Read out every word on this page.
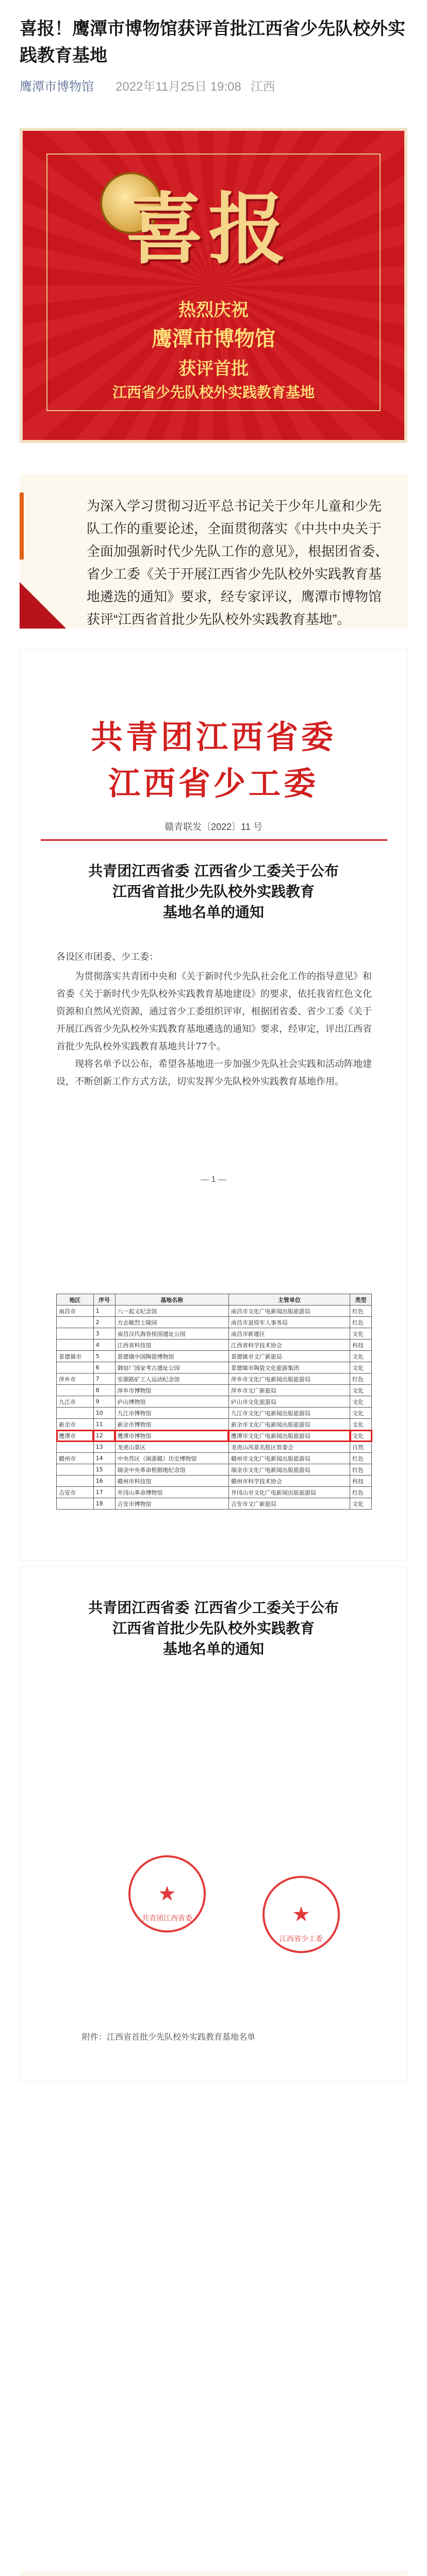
喜报！鹰潭市博物馆获评首批江西省少先队校外实践教育基地
鹰潭市博物馆 2022年11月25日 19:08 江西
喜报
热烈庆祝
鹰潭市博物馆
获评首批
江西省少先队校外实践教育基地

为深入学习贯彻习近平总书记关于少年儿童和少先队工作的重要论述，全面贯彻落实《中共中央关于全面加强新时代少先队工作的意见》，根据团省委、省少工委《关于开展江西省少先队校外实践教育基地遴选的通知》要求，经专家评议，鹰潭市博物馆获评“江西省首批少先队校外实践教育基地”。

共青团江西省委
江西省少工委
赣青联发〔2022〕11 号
共青团江西省委 江西省少工委关于公布
江西省首批少先队校外实践教育
基地名单的通知

各设区市团委、少工委：

为贯彻落实共青团中央和《关于新时代少先队社会化工作的指导意见》和省委《关于新时代少先队校外实践教育基地建设》的要求，依托我省红色文化资源和自然风光资源，通过省少工委组织评审，根据团省委、省少工委《关于开展江西省少先队校外实践教育基地遴选的通知》要求，经审定，评出江西省首批少先队校外实践教育基地共计77个。

现将名单予以公布，希望各基地进一步加强少先队社会实践和活动阵地建设，不断创新工作方式方法，切实发挥少先队校外实践教育基地作用。

— 1 —
地区	序号	基地名称	主管单位	类型
南昌市	1	八一起义纪念馆	南昌市文化广电新闻出版旅游局	红色
	2	方志敏烈士陵园	南昌市退役军人事务局	红色
	3	南昌汉代海昏侯国遗址公园	南昌市新建区	文化
	4	江西省科技馆	江西省科学技术协会	科技
景德镇市	5	景德镇中国陶瓷博物馆	景德镇市文广新旅局	文化
	6	御窑厂国家考古遗址公园	景德镇市陶瓷文化旅游集团	文化
萍乡市	7	安源路矿工人运动纪念馆	萍乡市文化广电新闻出版旅游局	红色
	8	萍乡市博物馆	萍乡市文广新旅局	文化
九江市	9	庐山博物馆	庐山市文化旅游局	文化
	10	九江市博物馆	九江市文化广电新闻出版旅游局	文化
新余市	11	新余市博物馆	新余市文化广电新闻出版旅游局	文化
鹰潭市	12	鹰潭市博物馆	鹰潭市文化广电新闻出版旅游局	文化
	13	龙虎山景区	龙虎山风景名胜区管委会	自然
赣州市	14	中央苏区（闽浙赣）历史博物馆	赣州市文化广电新闻出版旅游局	红色
	15	瑞金中央革命根据地纪念馆	瑞金市文化广电新闻出版旅游局	红色
	16	赣州市科技馆	赣州市科学技术协会	科技
吉安市	17	井冈山革命博物馆	井冈山市文化广电新闻出版旅游局	红色
	18	吉安市博物馆	吉安市文广新旅局	文化
共青团江西省委 江西省少工委关于公布
江西省首批少先队校外实践教育
基地名单的通知
共青团江西省委
★
江西省少工委
★
附件：江西省首批少先队校外实践教育基地名单
